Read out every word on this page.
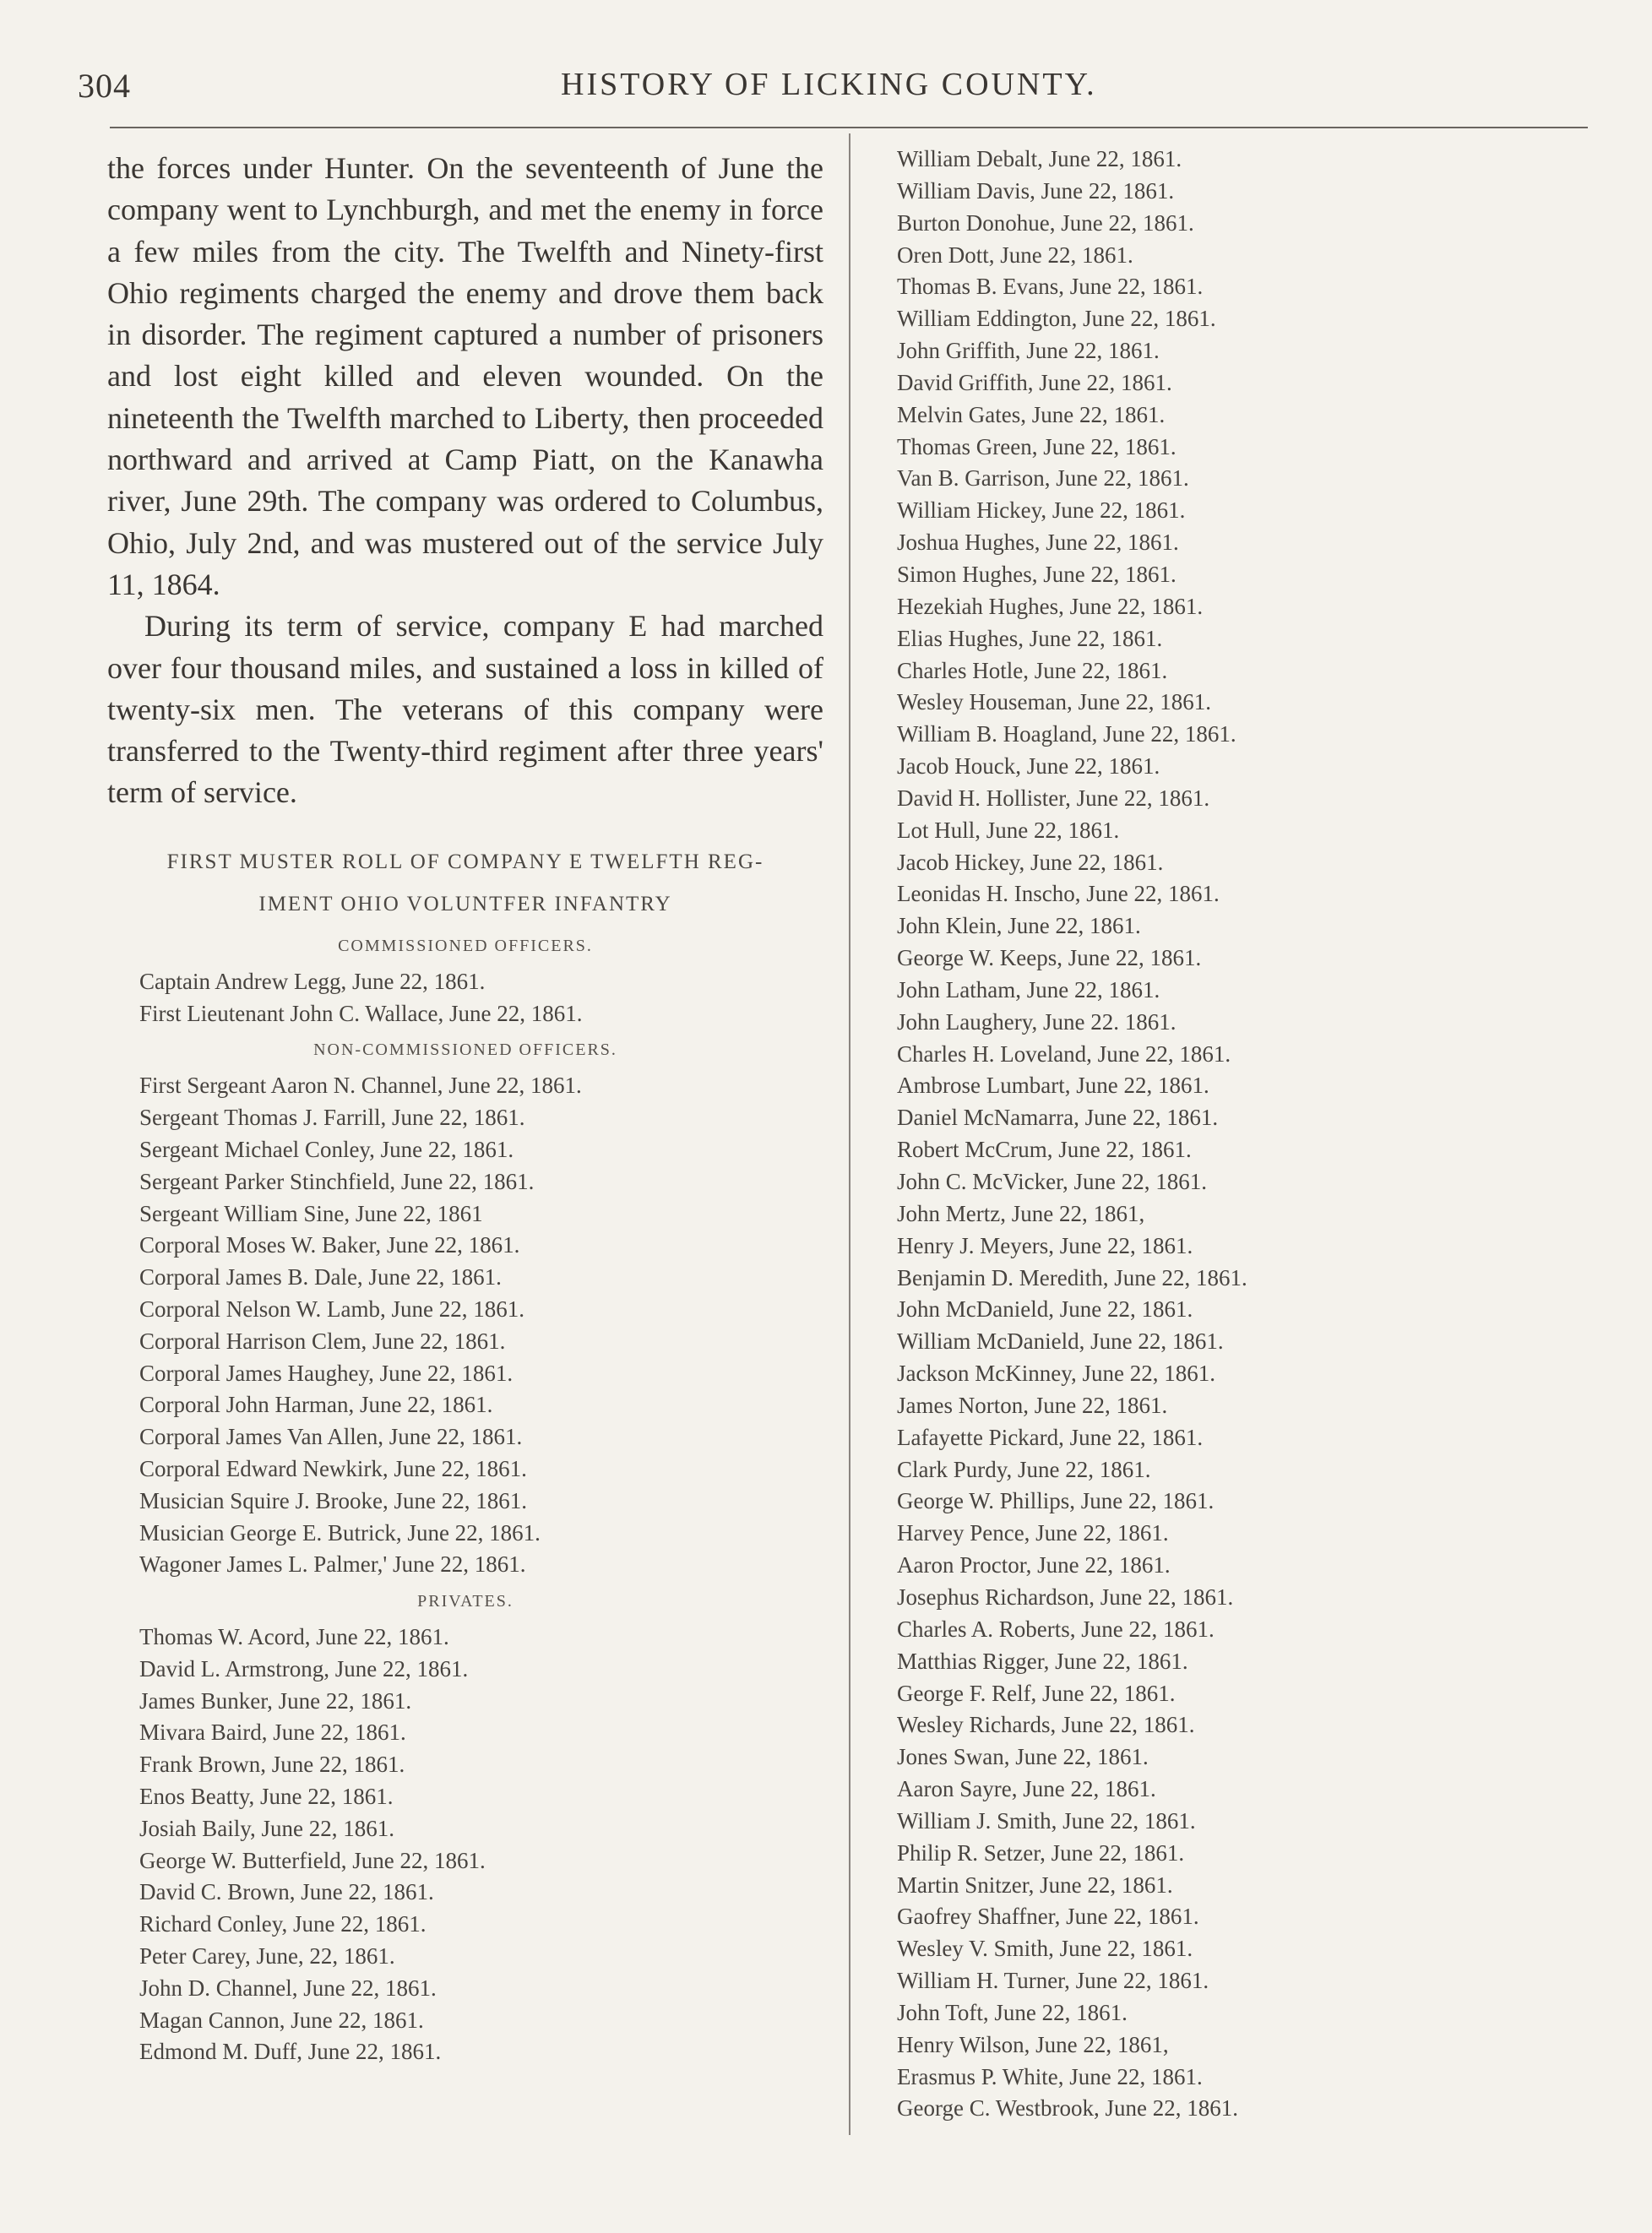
304	HISTORY OF LICKING COUNTY.

the forces under Hunter. On the seventeenth of June the company went to Lynchburgh, and met the enemy in force a few miles from the city. The Twelfth and Ninety-first Ohio regiments charged the enemy and drove them back in disorder. The regiment captured a number of prisoners and lost eight killed and eleven wounded. On the nineteenth the Twelfth marched to Liberty, then proceeded northward and arrived at Camp Piatt, on the Kanawha river, June 29th. The company was ordered to Columbus, Ohio, July 2nd, and was mustered out of the service July 11, 1864.

During its term of service, company E had marched over four thousand miles, and sustained a loss in killed of twenty-six men. The veterans of this company were transferred to the Twenty-third regiment after three years' term of service.

FIRST MUSTER ROLL OF COMPANY E TWELFTH REG-
IMENT OHIO VOLUNTFER INFANTRY
COMMISSIONED OFFICERS.
Captain Andrew Legg, June 22, 1861.
First Lieutenant John C. Wallace, June 22, 1861.
NON-COMMISSIONED OFFICERS.
First Sergeant Aaron N. Channel, June 22, 1861.
Sergeant Thomas J. Farrill, June 22, 1861.
Sergeant Michael Conley, June 22, 1861.
Sergeant Parker Stinchfield, June 22, 1861.
Sergeant William Sine, June 22, 1861
Corporal Moses W. Baker, June 22, 1861.
Corporal James B. Dale, June 22, 1861.
Corporal Nelson W. Lamb, June 22, 1861.
Corporal Harrison Clem, June 22, 1861.
Corporal James Haughey, June 22, 1861.
Corporal John Harman, June 22, 1861.
Corporal James Van Allen, June 22, 1861.
Corporal Edward Newkirk, June 22, 1861.
Musician Squire J. Brooke, June 22, 1861.
Musician George E. Butrick, June 22, 1861.
Wagoner James L. Palmer,' June 22, 1861.
PRIVATES.
Thomas W. Acord, June 22, 1861.
David L. Armstrong, June 22, 1861.
James Bunker, June 22, 1861.
Mivara Baird, June 22, 1861.
Frank Brown, June 22, 1861.
Enos Beatty, June 22, 1861.
Josiah Baily, June 22, 1861.
George W. Butterfield, June 22, 1861.
David C. Brown, June 22, 1861.
Richard Conley, June 22, 1861.
Peter Carey, June, 22, 1861.
John D. Channel, June 22, 1861.
Magan Cannon, June 22, 1861.
Edmond M. Duff, June 22, 1861.
William Debalt, June 22, 1861.
William Davis, June 22, 1861.
Burton Donohue, June 22, 1861.
Oren Dott, June 22, 1861.
Thomas B. Evans, June 22, 1861.
William Eddington, June 22, 1861.
John Griffith, June 22, 1861.
David Griffith, June 22, 1861.
Melvin Gates, June 22, 1861.
Thomas Green, June 22, 1861.
Van B. Garrison, June 22, 1861.
William Hickey, June 22, 1861.
Joshua Hughes, June 22, 1861.
Simon Hughes, June 22, 1861.
Hezekiah Hughes, June 22, 1861.
Elias Hughes, June 22, 1861.
Charles Hotle, June 22, 1861.
Wesley Houseman, June 22, 1861.
William B. Hoagland, June 22, 1861.
Jacob Houck, June 22, 1861.
David H. Hollister, June 22, 1861.
Lot Hull, June 22, 1861.
Jacob Hickey, June 22, 1861.
Leonidas H. Inscho, June 22, 1861.
John Klein, June 22, 1861.
George W. Keeps, June 22, 1861.
John Latham, June 22, 1861.
John Laughery, June 22. 1861.
Charles H. Loveland, June 22, 1861.
Ambrose Lumbart, June 22, 1861.
Daniel McNamarra, June 22, 1861.
Robert McCrum, June 22, 1861.
John C. McVicker, June 22, 1861.
John Mertz, June 22, 1861,
Henry J. Meyers, June 22, 1861.
Benjamin D. Meredith, June 22, 1861.
John McDanield, June 22, 1861.
William McDanield, June 22, 1861.
Jackson McKinney, June 22, 1861.
James Norton, June 22, 1861.
Lafayette Pickard, June 22, 1861.
Clark Purdy, June 22, 1861.
George W. Phillips, June 22, 1861.
Harvey Pence, June 22, 1861.
Aaron Proctor, June 22, 1861.
Josephus Richardson, June 22, 1861.
Charles A. Roberts, June 22, 1861.
Matthias Rigger, June 22, 1861.
George F. Relf, June 22, 1861.
Wesley Richards, June 22, 1861.
Jones Swan, June 22, 1861.
Aaron Sayre, June 22, 1861.
William J. Smith, June 22, 1861.
Philip R. Setzer, June 22, 1861.
Martin Snitzer, June 22, 1861.
Gaofrey Shaffner, June 22, 1861.
Wesley V. Smith, June 22, 1861.
William H. Turner, June 22, 1861.
John Toft, June 22, 1861.
Henry Wilson, June 22, 1861,
Erasmus P. White, June 22, 1861.
George C. Westbrook, June 22, 1861.
